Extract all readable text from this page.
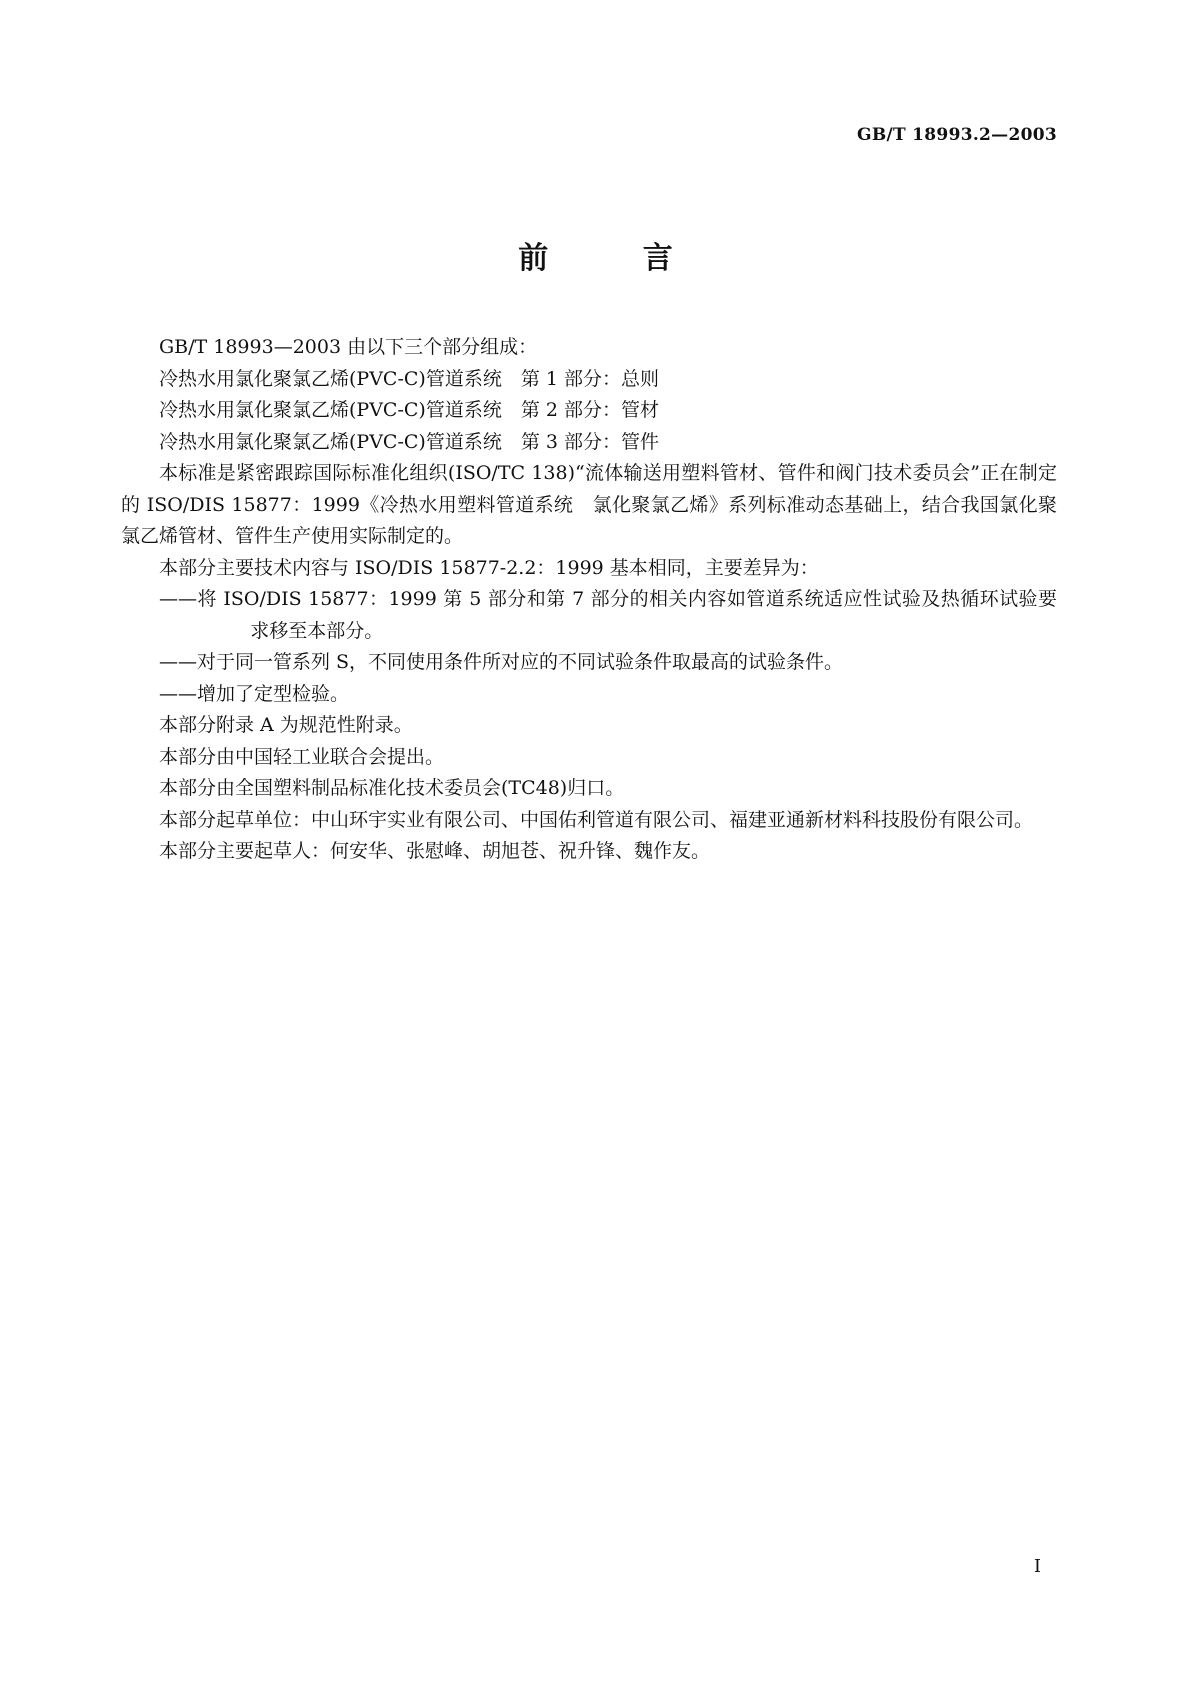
GB/T 18993.2—2003
前 言

GB/T 18993—2003 由以下三个部分组成：

冷热水用氯化聚氯乙烯(PVC-C)管道系统　第 1 部分：总则

冷热水用氯化聚氯乙烯(PVC-C)管道系统　第 2 部分：管材

冷热水用氯化聚氯乙烯(PVC-C)管道系统　第 3 部分：管件

本标准是紧密跟踪国际标准化组织(ISO/TC 138)“流体输送用塑料管材、管件和阀门技术委员会”正在制定的 ISO/DIS 15877：1999《冷热水用塑料管道系统　氯化聚氯乙烯》系列标准动态基础上，结合我国氯化聚氯乙烯管材、管件生产使用实际制定的。

本部分主要技术内容与 ISO/DIS 15877-2.2：1999 基本相同，主要差异为：

——将 ISO/DIS 15877：1999 第 5 部分和第 7 部分的相关内容如管道系统适应性试验及热循环试验要求移至本部分。

——对于同一管系列 S，不同使用条件所对应的不同试验条件取最高的试验条件。

——增加了定型检验。

本部分附录 A 为规范性附录。

本部分由中国轻工业联合会提出。

本部分由全国塑料制品标准化技术委员会(TC48)归口。

本部分起草单位：中山环宇实业有限公司、中国佑利管道有限公司、福建亚通新材料科技股份有限公司。

本部分主要起草人：何安华、张慰峰、胡旭苍、祝升锋、魏作友。

I
